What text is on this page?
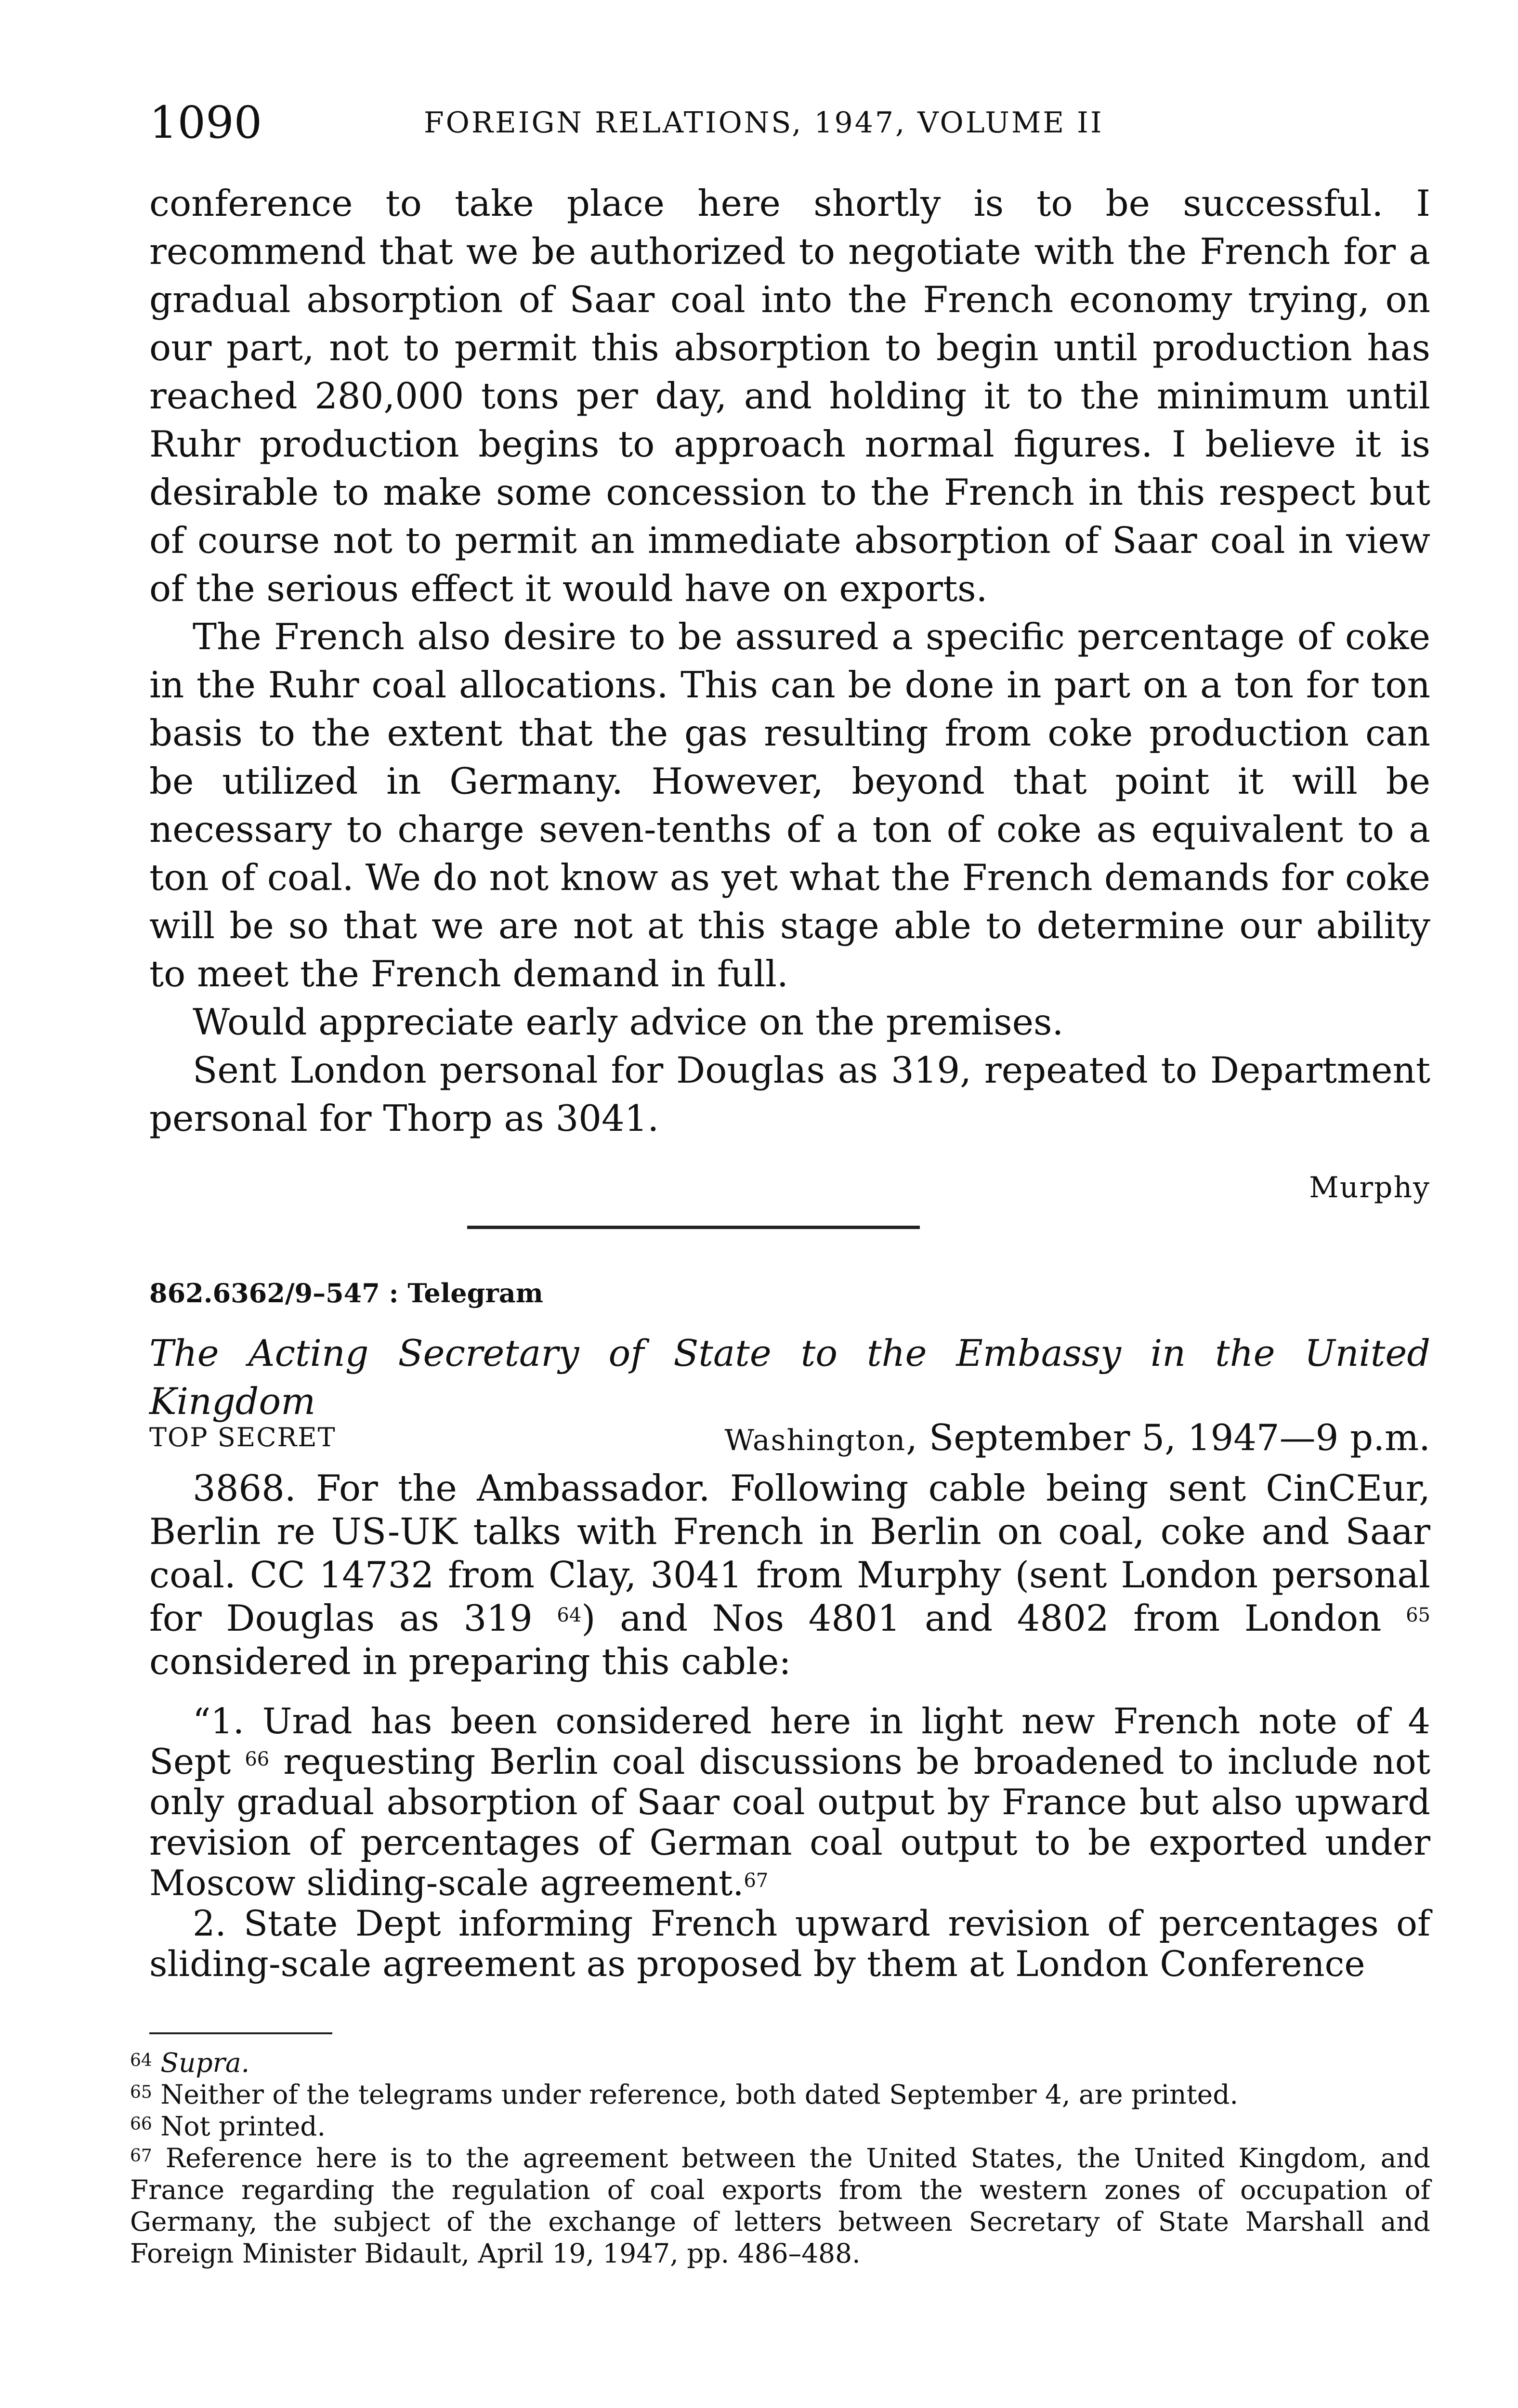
1090	FOREIGN RELATIONS, 1947, VOLUME II

conference to take place here shortly is to be successful. I recommend that we be authorized to negotiate with the French for a gradual absorption of Saar coal into the French economy trying, on our part, not to permit this absorption to begin until production has reached 280,000 tons per day, and holding it to the minimum until Ruhr production begins to approach normal figures. I believe it is desirable to make some concession to the French in this respect but of course not to permit an immediate absorption of Saar coal in view of the serious effect it would have on exports.

The French also desire to be assured a specific percentage of coke in the Ruhr coal allocations. This can be done in part on a ton for ton basis to the extent that the gas resulting from coke production can be utilized in Germany. However, beyond that point it will be necessary to charge seven-tenths of a ton of coke as equivalent to a ton of coal. We do not know as yet what the French demands for coke will be so that we are not at this stage able to determine our ability to meet the French demand in full.

Would appreciate early advice on the premises.

Sent London personal for Douglas as 319, repeated to Department personal for Thorp as 3041.

Murphy
862.6362/9–547 : Telegram
The Acting Secretary of State to the Embassy in the United Kingdom
TOP SECRET	Washington, September 5, 1947—9 p.m.

3868. For the Ambassador. Following cable being sent CinCEur, Berlin re US-UK talks with French in Berlin on coal, coke and Saar coal. CC 14732 from Clay, 3041 from Murphy (sent London personal for Douglas as 319 $^{64}$) and Nos 4801 and 4802 from London $^{65}$ considered in preparing this cable:

“1. Urad has been considered here in light new French note of 4 Sept $^{66}$ requesting Berlin coal discussions be broadened to include not only gradual absorption of Saar coal output by France but also upward revision of percentages of German coal output to be exported under Moscow sliding-scale agreement.$^{67}$

2. State Dept informing French upward revision of percentages of sliding-scale agreement as proposed by them at London Conference

$^{64}$ Supra.

$^{65}$ Neither of the telegrams under reference, both dated September 4, are printed.

$^{66}$ Not printed.

$^{67}$ Reference here is to the agreement between the United States, the United Kingdom, and France regarding the regulation of coal exports from the western zones of occupation of Germany, the subject of the exchange of letters between Secretary of State Marshall and Foreign Minister Bidault, April 19, 1947, pp. 486–488.
